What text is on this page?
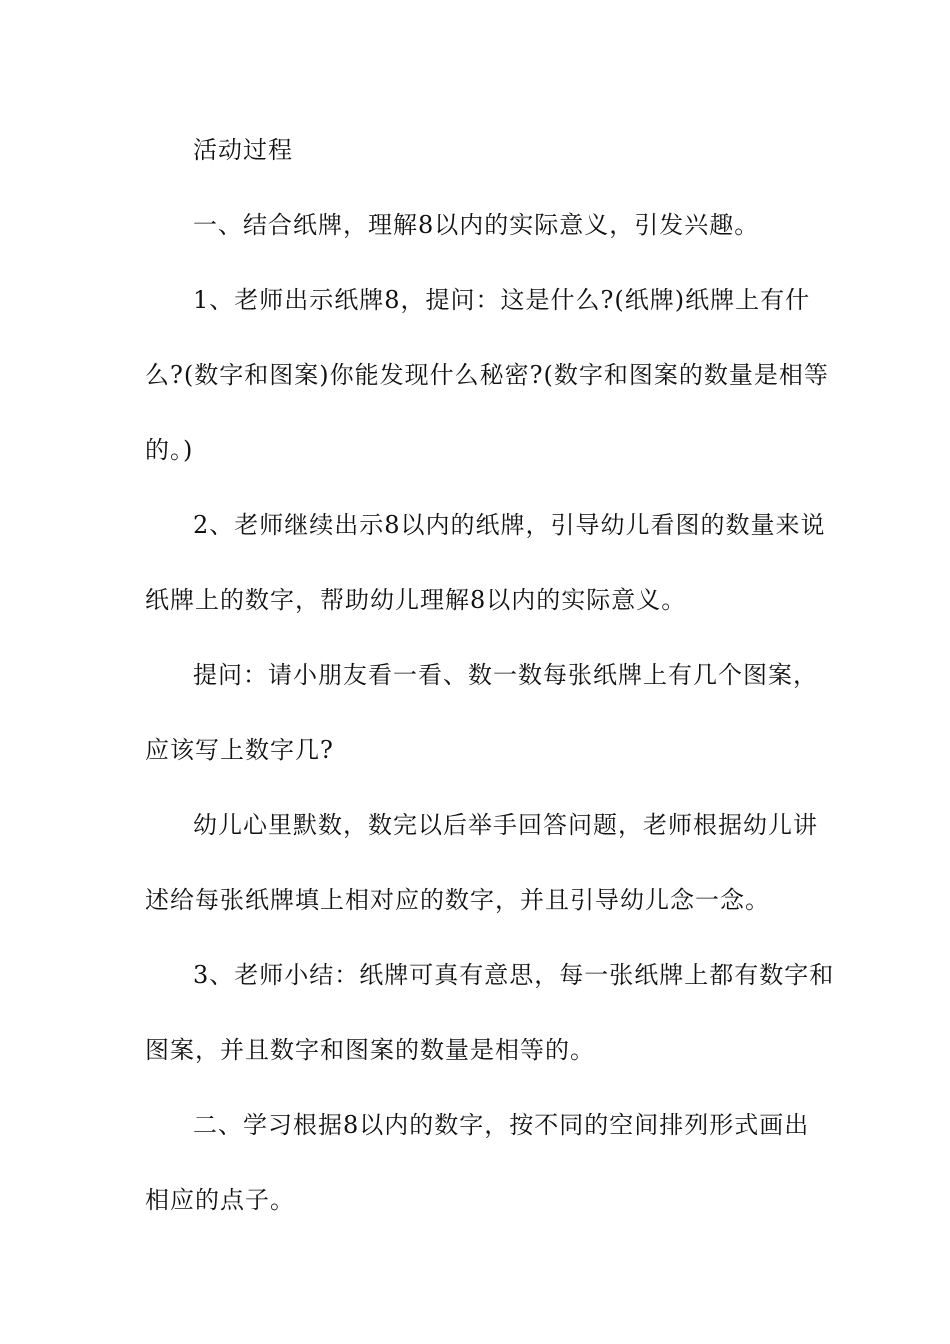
活动过程
一、结合纸牌，理解8以内的实际意义，引发兴趣。
1、老师出示纸牌8，提问：这是什么?(纸牌)纸牌上有什
么?(数字和图案)你能发现什么秘密?(数字和图案的数量是相等
的。)
2、老师继续出示8以内的纸牌，引导幼儿看图的数量来说
纸牌上的数字，帮助幼儿理解8以内的实际意义。
提问：请小朋友看一看、数一数每张纸牌上有几个图案，
应该写上数字几?
幼儿心里默数，数完以后举手回答问题，老师根据幼儿讲
述给每张纸牌填上相对应的数字，并且引导幼儿念一念。
3、老师小结：纸牌可真有意思，每一张纸牌上都有数字和
图案，并且数字和图案的数量是相等的。
二、学习根据8以内的数字，按不同的空间排列形式画出
相应的点子。
